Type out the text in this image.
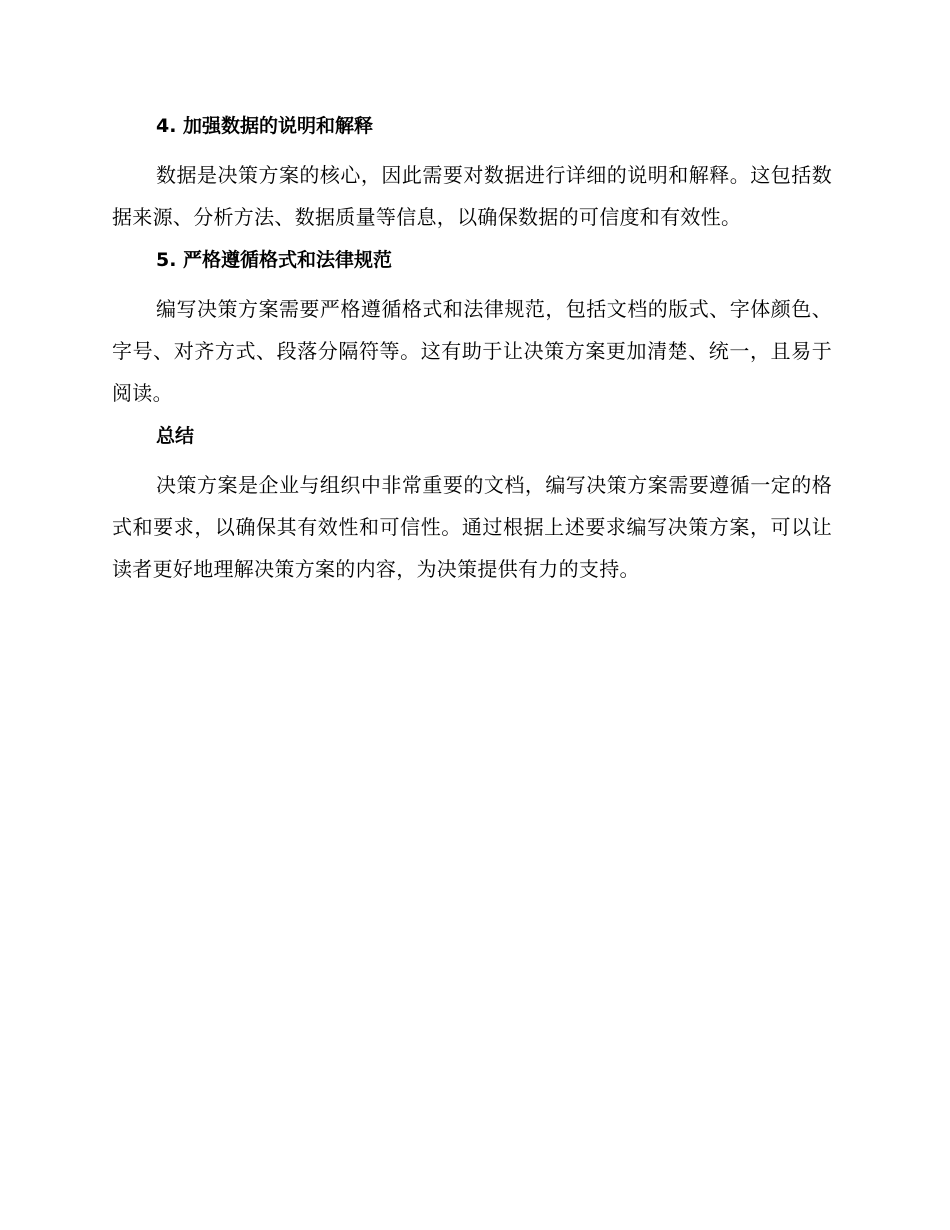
4. 加强数据的说明和解释

数据是决策方案的核心，因此需要对数据进行详细的说明和解释。这包括数据来源、分析方法、数据质量等信息，以确保数据的可信度和有效性。

5. 严格遵循格式和法律规范

编写决策方案需要严格遵循格式和法律规范，包括文档的版式、字体颜色、字号、对齐方式、段落分隔符等。这有助于让决策方案更加清楚、统一，且易于阅读。

总结

决策方案是企业与组织中非常重要的文档，编写决策方案需要遵循一定的格式和要求，以确保其有效性和可信性。通过根据上述要求编写决策方案，可以让读者更好地理解决策方案的内容，为决策提供有力的支持。
